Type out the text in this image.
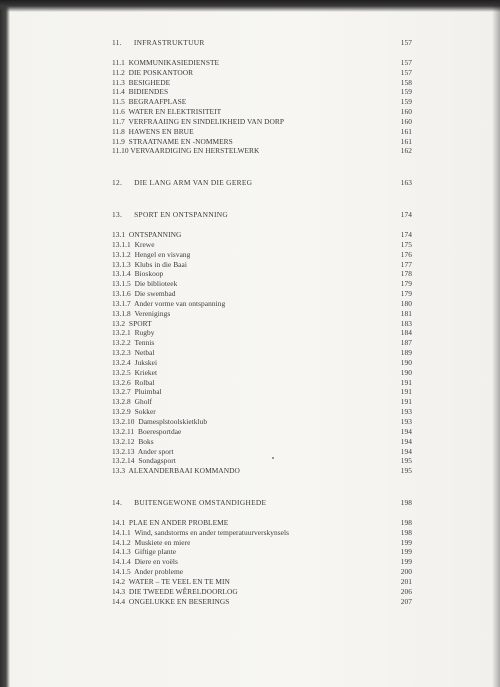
11. INFRASTRUKTUUR	157
11.1  KOMMUNIKASIEDIENSTE	157
11.2  DIE POSKANTOOR	157
11.3  BESIGHEDE	158
11.4  BIDIENDES	159
11.5  BEGRAAFPLASE	159
11.6  WATER EN ELEKTRISITEIT	160
11.7  VERFRAAIING EN SINDELIKHEID VAN DORP	160
11.8  HAWENS EN BRUE	161
11.9  STRAATNAME EN -NOMMERS	161
11.10 VERVAARDIGING EN HERSTELWERK	162
12. DIE LANG ARM VAN DIE GEREG	163
13. SPORT EN ONTSPANNING	174
13.1  ONTSPANNING	174
13.1.1  Krewe	175
13.1.2  Hengel en visvang	176
13.1.3  Klubs in die Baai	177
13.1.4  Bioskoop	178
13.1.5  Die biblioteek	179
13.1.6  Die swembad	179
13.1.7  Ander vorme van ontspanning	180
13.1.8  Verenigings	181
13.2  SPORT	183
13.2.1  Rugby	184
13.2.2  Tennis	187
13.2.3  Netbal	189
13.2.4  Jukskei	190
13.2.5  Krieket	190
13.2.6  Rolbal	191
13.2.7  Pluimbal	191
13.2.8  Gholf	191
13.2.9  Sokker	193
13.2.10  Damesplstoolskietklub	193
13.2.11  Boeresportdae	194
13.2.12  Boks	194
13.2.13  Ander sport	194
13.2.14  Sondagsport	195
13.3  ALEXANDERBAAI KOMMANDO	195
14. BUITENGEWONE OMSTANDIGHEDE	198
14.1  PLAE EN ANDER PROBLEME	198
14.1.1  Wind, sandstorms en ander temperatuurverskynsels	198
14.1.2  Muskiete en miere	199
14.1.3  Giftige plante	199
14.1.4  Diere en voëls	199
14.1.5  Ander probleme	200
14.2  WATER – TE VEEL EN TE MIN	201
14.3  DIE TWEEDE WÊRELDOORLOG	206
14.4  ONGELUKKE EN BESERINGS	207
